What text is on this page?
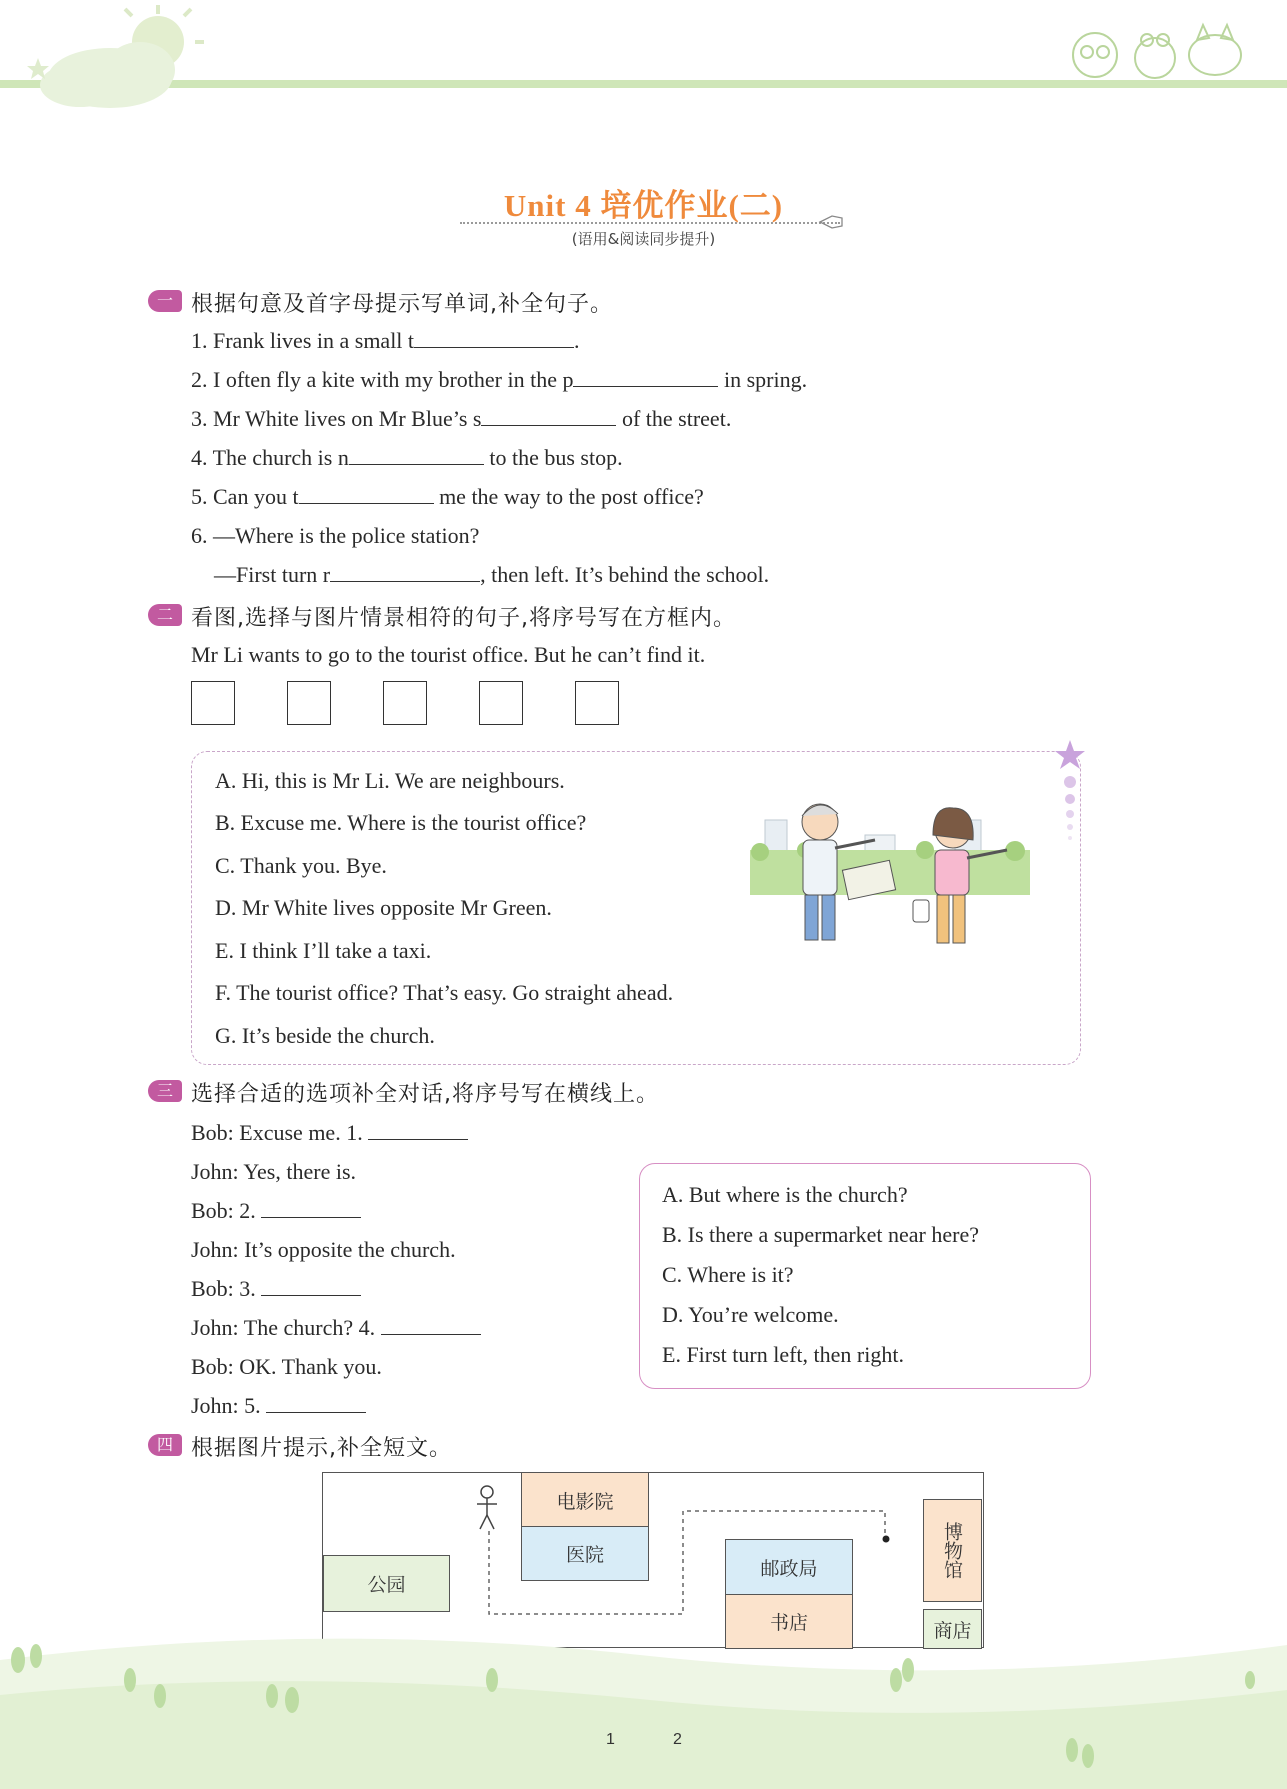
Unit 4 培优作业(二)
(语用&阅读同步提升)
一 根据句意及首字母提示写单词,补全句子。
1. Frank lives in a small t	.
2. I often fly a kite with my brother in the p	in spring.
3. Mr White lives on Mr Blue’s s	of the street.
4. The church is n	to the bus stop.
5. Can you t	me the way to the post office?
6. —Where is the police station?
—First turn r	, then left. It’s behind the school.
二 看图,选择与图片情景相符的句子,将序号写在方框内。
Mr Li wants to go to the tourist office. But he can’t find it.
A. Hi, this is Mr Li. We are neighbours.
B. Excuse me. Where is the tourist office?
C. Thank you. Bye.
D. Mr White lives opposite Mr Green.
E. I think I’ll take a taxi.
F. The tourist office? That’s easy. Go straight ahead.
G. It’s beside the church.
三 选择合适的选项补全对话,将序号写在横线上。
Bob: Excuse me. 1.
John: Yes, there is.
Bob: 2.
John: It’s opposite the church.
Bob: 3.
John: The church? 4.
Bob: OK. Thank you.
John: 5.
A. But where is the church?
B. Is there a supermarket near here?
C. Where is it?
D. You’re welcome.
E. First turn left, then right.
四 根据图片提示,补全短文。
公园
电影院
医院
邮政局
书店
博物馆
商店
1	2
